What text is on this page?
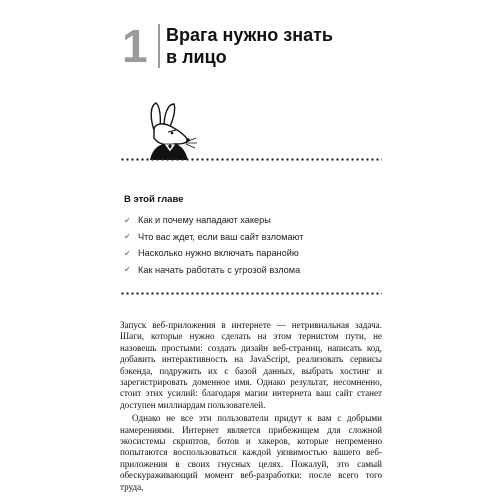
1 Врага нужно знать
в лицо
В этой главе
✔ Как и почему нападают хакеры
✔ Что вас ждет, если ваш сайт взломают
✔ Насколько нужно включать паранойю
✔ Как начать работать с угрозой взлома

Запуск веб-приложения в интернете — нетривиальная задача. Шаги, которые нужно сделать на этом тернистом пути, не назовешь простыми: создать дизайн веб-страниц, написать код, добавить интерактивность на JavaScript, реализовать сервисы бэкенда, подружить их с базой данных, выбрать хостинг и зарегистрировать доменное имя. Однако результат, несомненно, стоит этих усилий: благодаря магии интернета ваш сайт станет доступен миллиардам пользователей.

Однако не все эти пользователи придут к вам с добрыми намерениями. Интернет является прибежищем для сложной экосистемы скриптов, ботов и хакеров, которые непременно попытаются воспользоваться каждой уязвимостью вашего веб-приложения в своих гнусных целях. Пожалуй, это самый обескураживающий момент веб-разработки: после всего того труда,
